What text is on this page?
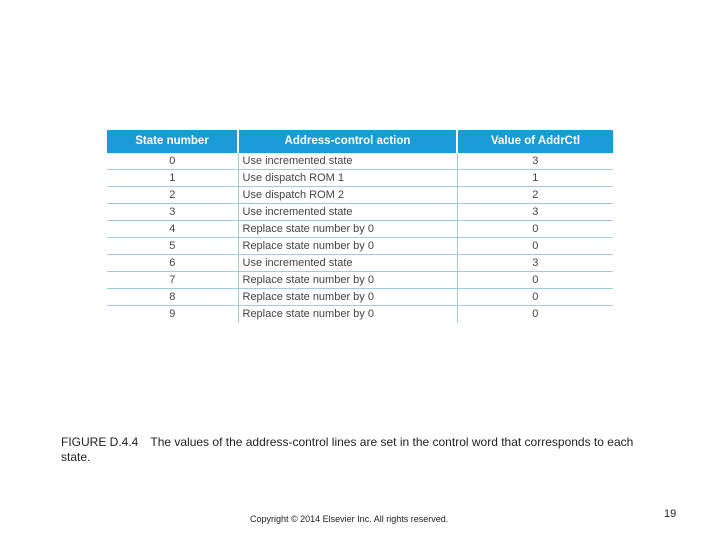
State number	Address-control action	Value of AddrCtl
0	Use incremented state	3
1	Use dispatch ROM 1	1
2	Use dispatch ROM 2	2
3	Use incremented state	3
4	Replace state number by 0	0
5	Replace state number by 0	0
6	Use incremented state	3
7	Replace state number by 0	0
8	Replace state number by 0	0
9	Replace state number by 0	0
FIGURE D.4.4 The values of the address-control lines are set in the control word that corresponds to each state.
Copyright © 2014 Elsevier Inc. All rights reserved.	19
